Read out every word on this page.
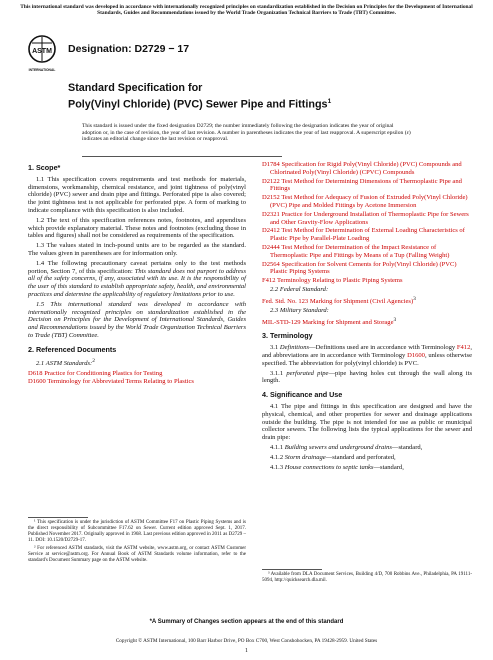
This international standard was developed in accordance with internationally recognized principles on standardization established in the Decision on Principles for the Development of International Standards, Guides and Recommendations issued by the World Trade Organization Technical Barriers to Trade (TBT) Committee.
ASTM
INTERNATIONAL
Designation: D2729 − 17
Standard Specification for
Poly(Vinyl Chloride) (PVC) Sewer Pipe and Fittings$^1$
This standard is issued under the fixed designation D2729; the number immediately following the designation indicates the year of original adoption or, in the case of revision, the year of last revision. A number in parentheses indicates the year of last reapproval. A superscript epsilon (ε) indicates an editorial change since the last revision or reapproval.
1. Scope*

1.1 This specification covers requirements and test methods for materials, dimensions, workmanship, chemical resistance, and joint tightness of poly(vinyl chloride) (PVC) sewer and drain pipe and fittings. Perforated pipe is also covered; the joint tightness test is not applicable for perforated pipe. A form of marking to indicate compliance with this specification is also included.

1.2 The text of this specification references notes, footnotes, and appendixes which provide explanatory material. These notes and footnotes (excluding those in tables and figures) shall not be considered as requirements of the specification.

1.3 The values stated in inch-pound units are to be regarded as the standard. The values given in parentheses are for information only.

1.4 The following precautionary caveat pertains only to the test methods portion, Section 7, of this specification: This standard does not purport to address all of the safety concerns, if any, associated with its use. It is the responsibility of the user of this standard to establish appropriate safety, health, and environmental practices and determine the applicability of regulatory limitations prior to use.

1.5 This international standard was developed in accordance with internationally recognized principles on standardization established in the Decision on Principles for the Development of International Standards, Guides and Recommendations issued by the World Trade Organization Technical Barriers to Trade (TBT) Committee.

2. Referenced Documents

2.1 ASTM Standards:$^2$

D618 Practice for Conditioning Plastics for Testing

D1600 Terminology for Abbreviated Terms Relating to Plastics

D1784 Specification for Rigid Poly(Vinyl Chloride) (PVC) Compounds and Chlorinated Poly(Vinyl Chloride) (CPVC) Compounds

D2122 Test Method for Determining Dimensions of Thermoplastic Pipe and Fittings

D2152 Test Method for Adequacy of Fusion of Extruded Poly(Vinyl Chloride) (PVC) Pipe and Molded Fittings by Acetone Immersion

D2321 Practice for Underground Installation of Thermoplastic Pipe for Sewers and Other Gravity-Flow Applications

D2412 Test Method for Determination of External Loading Characteristics of Plastic Pipe by Parallel-Plate Loading

D2444 Test Method for Determination of the Impact Resistance of Thermoplastic Pipe and Fittings by Means of a Tup (Falling Weight)

D2564 Specification for Solvent Cements for Poly(Vinyl Chloride) (PVC) Plastic Piping Systems

F412 Terminology Relating to Plastic Piping Systems

2.2 Federal Standard:

Fed. Std. No. 123 Marking for Shipment (Civil Agencies)$^3$

2.3 Military Standard:

MIL-STD-129 Marking for Shipment and Storage$^3$

3. Terminology

3.1 Definitions—Definitions used are in accordance with Terminology F412, and abbreviations are in accordance with Terminology D1600, unless otherwise specified. The abbreviation for poly(vinyl chloride) is PVC.

3.1.1 perforated pipe—pipe having holes cut through the wall along its length.

4. Significance and Use

4.1 The pipe and fittings in this specification are designed and have the physical, chemical, and other properties for sewer and drainage applications outside the building. The pipe is not intended for use as public or municipal collector sewers. The following lists the typical applications for the sewer and drain pipe:

4.1.1 Building sewers and underground drains—standard,

4.1.2 Storm drainage—standard and perforated,

4.1.3 House connections to septic tanks—standard,

¹ This specification is under the jurisdiction of ASTM Committee F17 on Plastic Piping Systems and is the direct responsibility of Subcommittee F17.62 on Sewer. Current edition approved Sept. 1, 2017. Published November 2017. Originally approved in 1968. Last previous edition approved in 2011 as D2729 – 11. DOI: 10.1520/D2729-17.

² For referenced ASTM standards, visit the ASTM website, www.astm.org, or contact ASTM Customer Service at service@astm.org. For Annual Book of ASTM Standards volume information, refer to the standard's Document Summary page on the ASTM website.

³ Available from DLA Document Services, Building 4/D, 700 Robbins Ave., Philadelphia, PA 19111-5094, http://quicksearch.dla.mil.

*A Summary of Changes section appears at the end of this standard
Copyright © ASTM International, 100 Barr Harbor Drive, PO Box C700, West Conshohocken, PA 19428-2959. United States
1
